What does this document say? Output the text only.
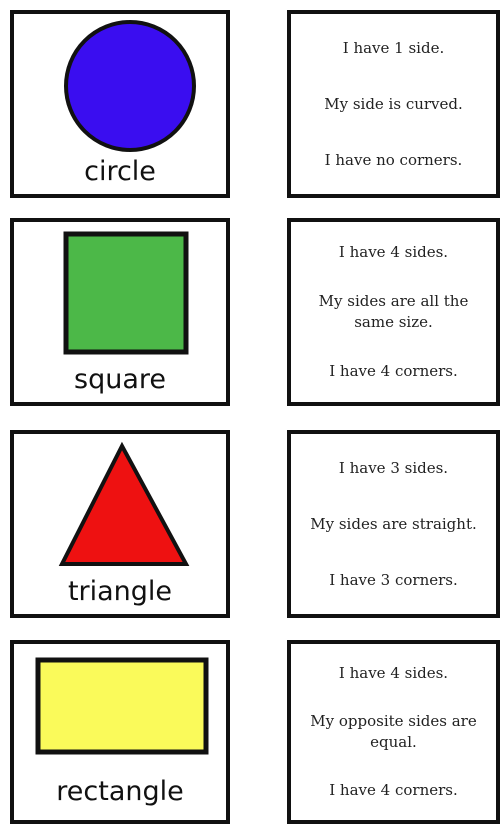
circle
I have 1 side.
My side is curved.
I have no corners.
square
I have 4 sides.
My sides are all the same size.
I have 4 corners.
triangle
I have 3 sides.
My sides are straight.
I have 3 corners.
rectangle
I have 4 sides.
My opposite sides are equal.
I have 4 corners.
